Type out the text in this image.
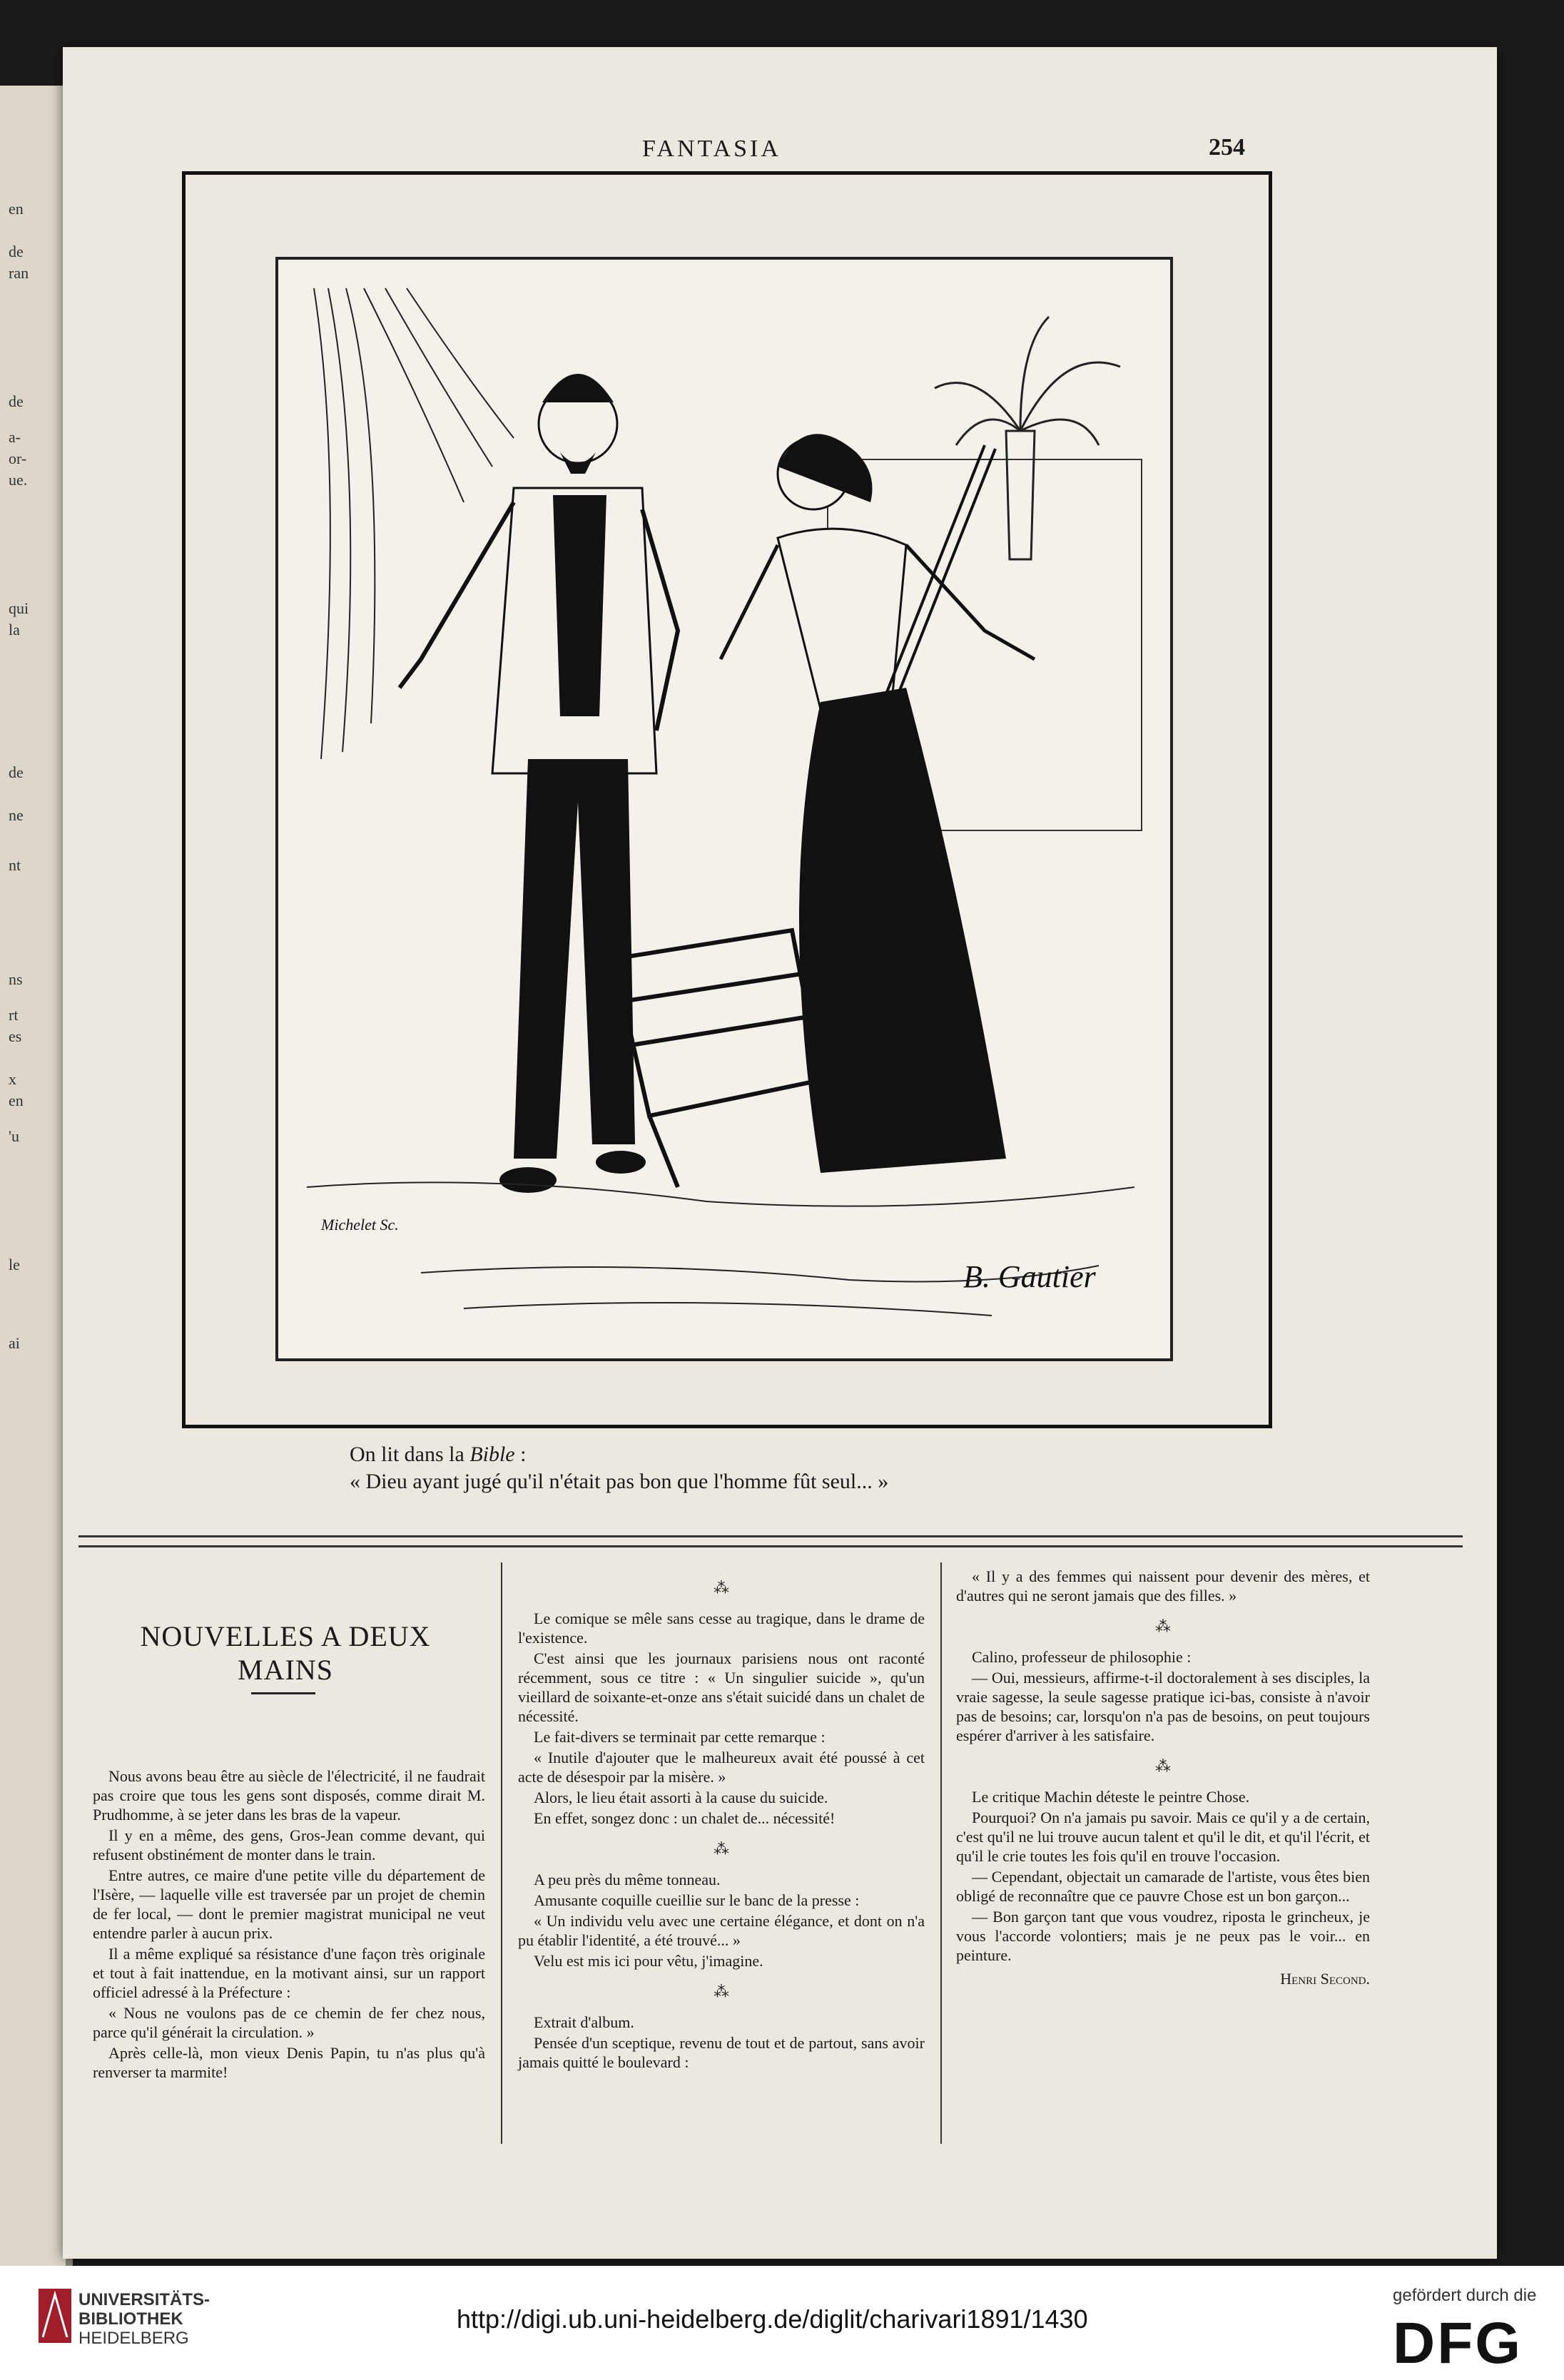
en
de
ran
de
a-
or-
ue.
qui
la
de
ne
nt
ns
rt
es
x
en
'u
le
ai
FANTASIA	254
Michelet Sc.
B. Gautier
On lit dans la Bible :
« Dieu ayant jugé qu'il n'était pas bon que l'homme fût seul... »
NOUVELLES A DEUX MAINS

Nous avons beau être au siècle de l'électricité, il ne faudrait pas croire que tous les gens sont disposés, comme dirait M. Prudhomme, à se jeter dans les bras de la vapeur.

Il y en a même, des gens, Gros-Jean comme devant, qui refusent obstinément de monter dans le train.

Entre autres, ce maire d'une petite ville du département de l'Isère, — laquelle ville est traversée par un projet de chemin de fer local, — dont le premier magistrat municipal ne veut entendre parler à aucun prix.

Il a même expliqué sa résistance d'une façon très originale et tout à fait inattendue, en la motivant ainsi, sur un rapport officiel adressé à la Préfecture :

« Nous ne voulons pas de ce chemin de fer chez nous, parce qu'il générait la circulation. »

Après celle-là, mon vieux Denis Papin, tu n'as plus qu'à renverser ta marmite!

⁂

Le comique se mêle sans cesse au tragique, dans le drame de l'existence.

C'est ainsi que les journaux parisiens nous ont raconté récemment, sous ce titre : « Un singulier suicide », qu'un vieillard de soixante-et-onze ans s'était suicidé dans un chalet de nécessité.

Le fait-divers se terminait par cette remarque :

« Inutile d'ajouter que le malheureux avait été poussé à cet acte de désespoir par la misère. »

Alors, le lieu était assorti à la cause du suicide.

En effet, songez donc : un chalet de... nécessité!

⁂

A peu près du même tonneau.

Amusante coquille cueillie sur le banc de la presse :

« Un individu velu avec une certaine élégance, et dont on n'a pu établir l'identité, a été trouvé... »

Velu est mis ici pour vêtu, j'imagine.

⁂

Extrait d'album.

Pensée d'un sceptique, revenu de tout et de partout, sans avoir jamais quitté le boulevard :

« Il y a des femmes qui naissent pour devenir des mères, et d'autres qui ne seront jamais que des filles. »

⁂

Calino, professeur de philosophie :

— Oui, messieurs, affirme-t-il doctoralement à ses disciples, la vraie sagesse, la seule sagesse pratique ici-bas, consiste à n'avoir pas de besoins; car, lorsqu'on n'a pas de besoins, on peut toujours espérer d'arriver à les satisfaire.

⁂

Le critique Machin déteste le peintre Chose.

Pourquoi? On n'a jamais pu savoir. Mais ce qu'il y a de certain, c'est qu'il ne lui trouve aucun talent et qu'il le dit, et qu'il l'écrit, et qu'il le crie toutes les fois qu'il en trouve l'occasion.

— Cependant, objectait un camarade de l'artiste, vous êtes bien obligé de reconnaître que ce pauvre Chose est un bon garçon...

— Bon garçon tant que vous voudrez, riposta le grincheux, je vous l'accorde volontiers; mais je ne peux pas le voir... en peinture.

Henri Second.
UNIVERSITÄTS-
BIBLIOTHEK
HEIDELBERG
http://digi.ub.uni-heidelberg.de/diglit/charivari1891/1430
gefördert durch die
DFG
